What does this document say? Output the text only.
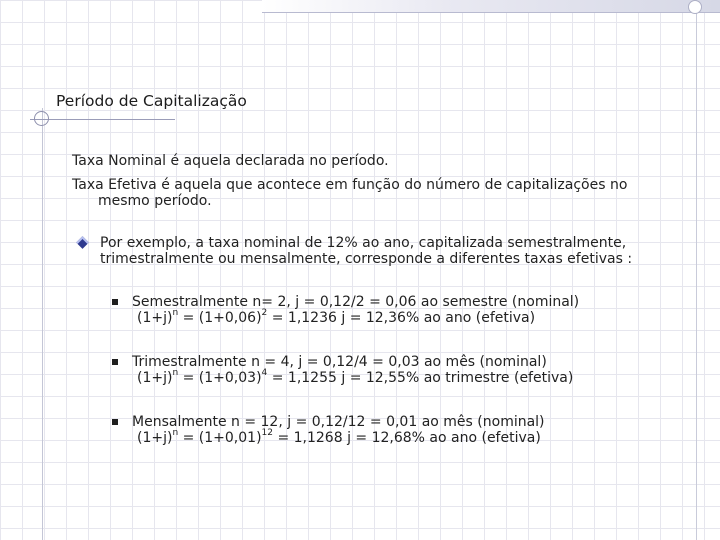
Período de Capitalização

Taxa Nominal é aquela declarada no período.

Taxa Efetiva é aquela que acontece em função do número de capitalizações no
mesmo período.

Por exemplo, a taxa nominal de 12% ao ano, capitalizada semestralmente, trimestralmente ou mensalmente, corresponde a diferentes taxas efetivas :
Semestralmente n= 2, j = 0,12/2 = 0,06 ao semestre (nominal)
$(1+j)^n = (1+0,06)^2 = 1,1236$ j = 12,36% ao ano (efetiva)
Trimestralmente n = 4, j = 0,12/4 = 0,03 ao mês (nominal)
$(1+j)^n = (1+0,03)^4 = 1,1255$ j = 12,55% ao trimestre (efetiva)
Mensalmente n = 12, j = 0,12/12 = 0,01 ao mês (nominal)
$(1+j)^n = (1+0,01)^{12} = 1,1268$ j = 12,68% ao ano (efetiva)
